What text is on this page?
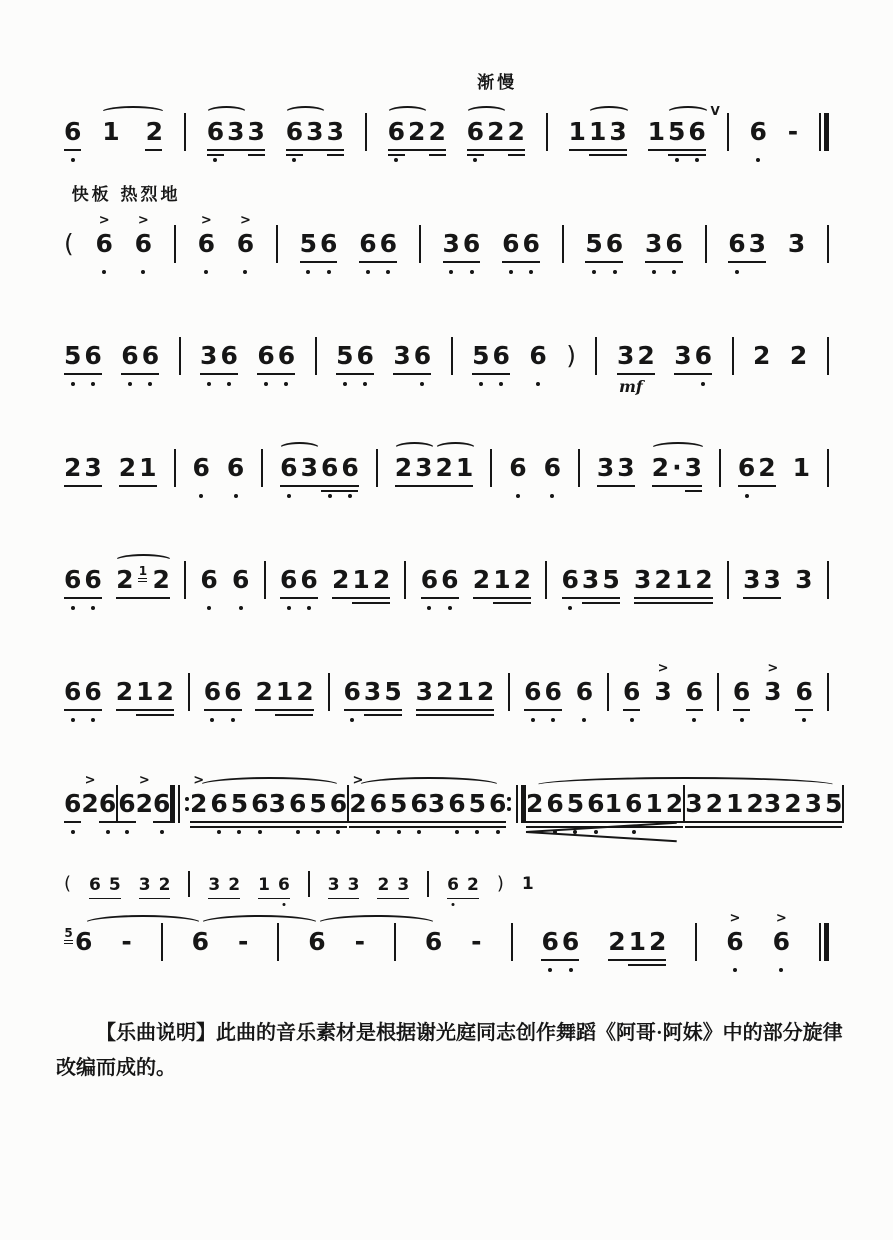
渐慢
6 1 2 6 3 3 6 3 3 6 2 2 6 2 2 1 1 3 1 5 6
V
6 -
快板 热烈地
( 6
>
6
>
6
>
6
>
5 6 6 6 3 6 6 6 5 6 3 6 6 3 3
5 6 6 6 3 6 6 6 5 6 3 6 5 6 6 ) 3 2
mf
3 6 2 2
2 3 2 1 6 6 6 3 6 6 2 3 2 1 6 6 3 3 2 · 3 6 2 1
6 6 2 1 2 6 6 6 6 2 1 2 6 6 2 1 2 6 3 5 3 2 1 2 3 3 3
6 6 2 1 2 6 6 2 1 2 6 3 5 3 2 1 2 6 6 6 6 3
>
6 6 3
>
6
6 2
>
6 6 2
>
6 2
>
6 5 6 3 6 5 6 2
>
6 5 6 3 6 5 6 2 6 5 6 1 6 1 2 3 2 1 2 3 2 3 5
( 6 5 3 2 3 2 1 6 3 3 2 3 6 2 ) 1
5 6 - 6 - 6 - 6 - 6 6 2 1 2 6
>
6
>
【乐曲说明】此曲的音乐素材是根据谢光庭同志创作舞蹈《阿哥·阿妹》中的部分旋律改编而成的。
